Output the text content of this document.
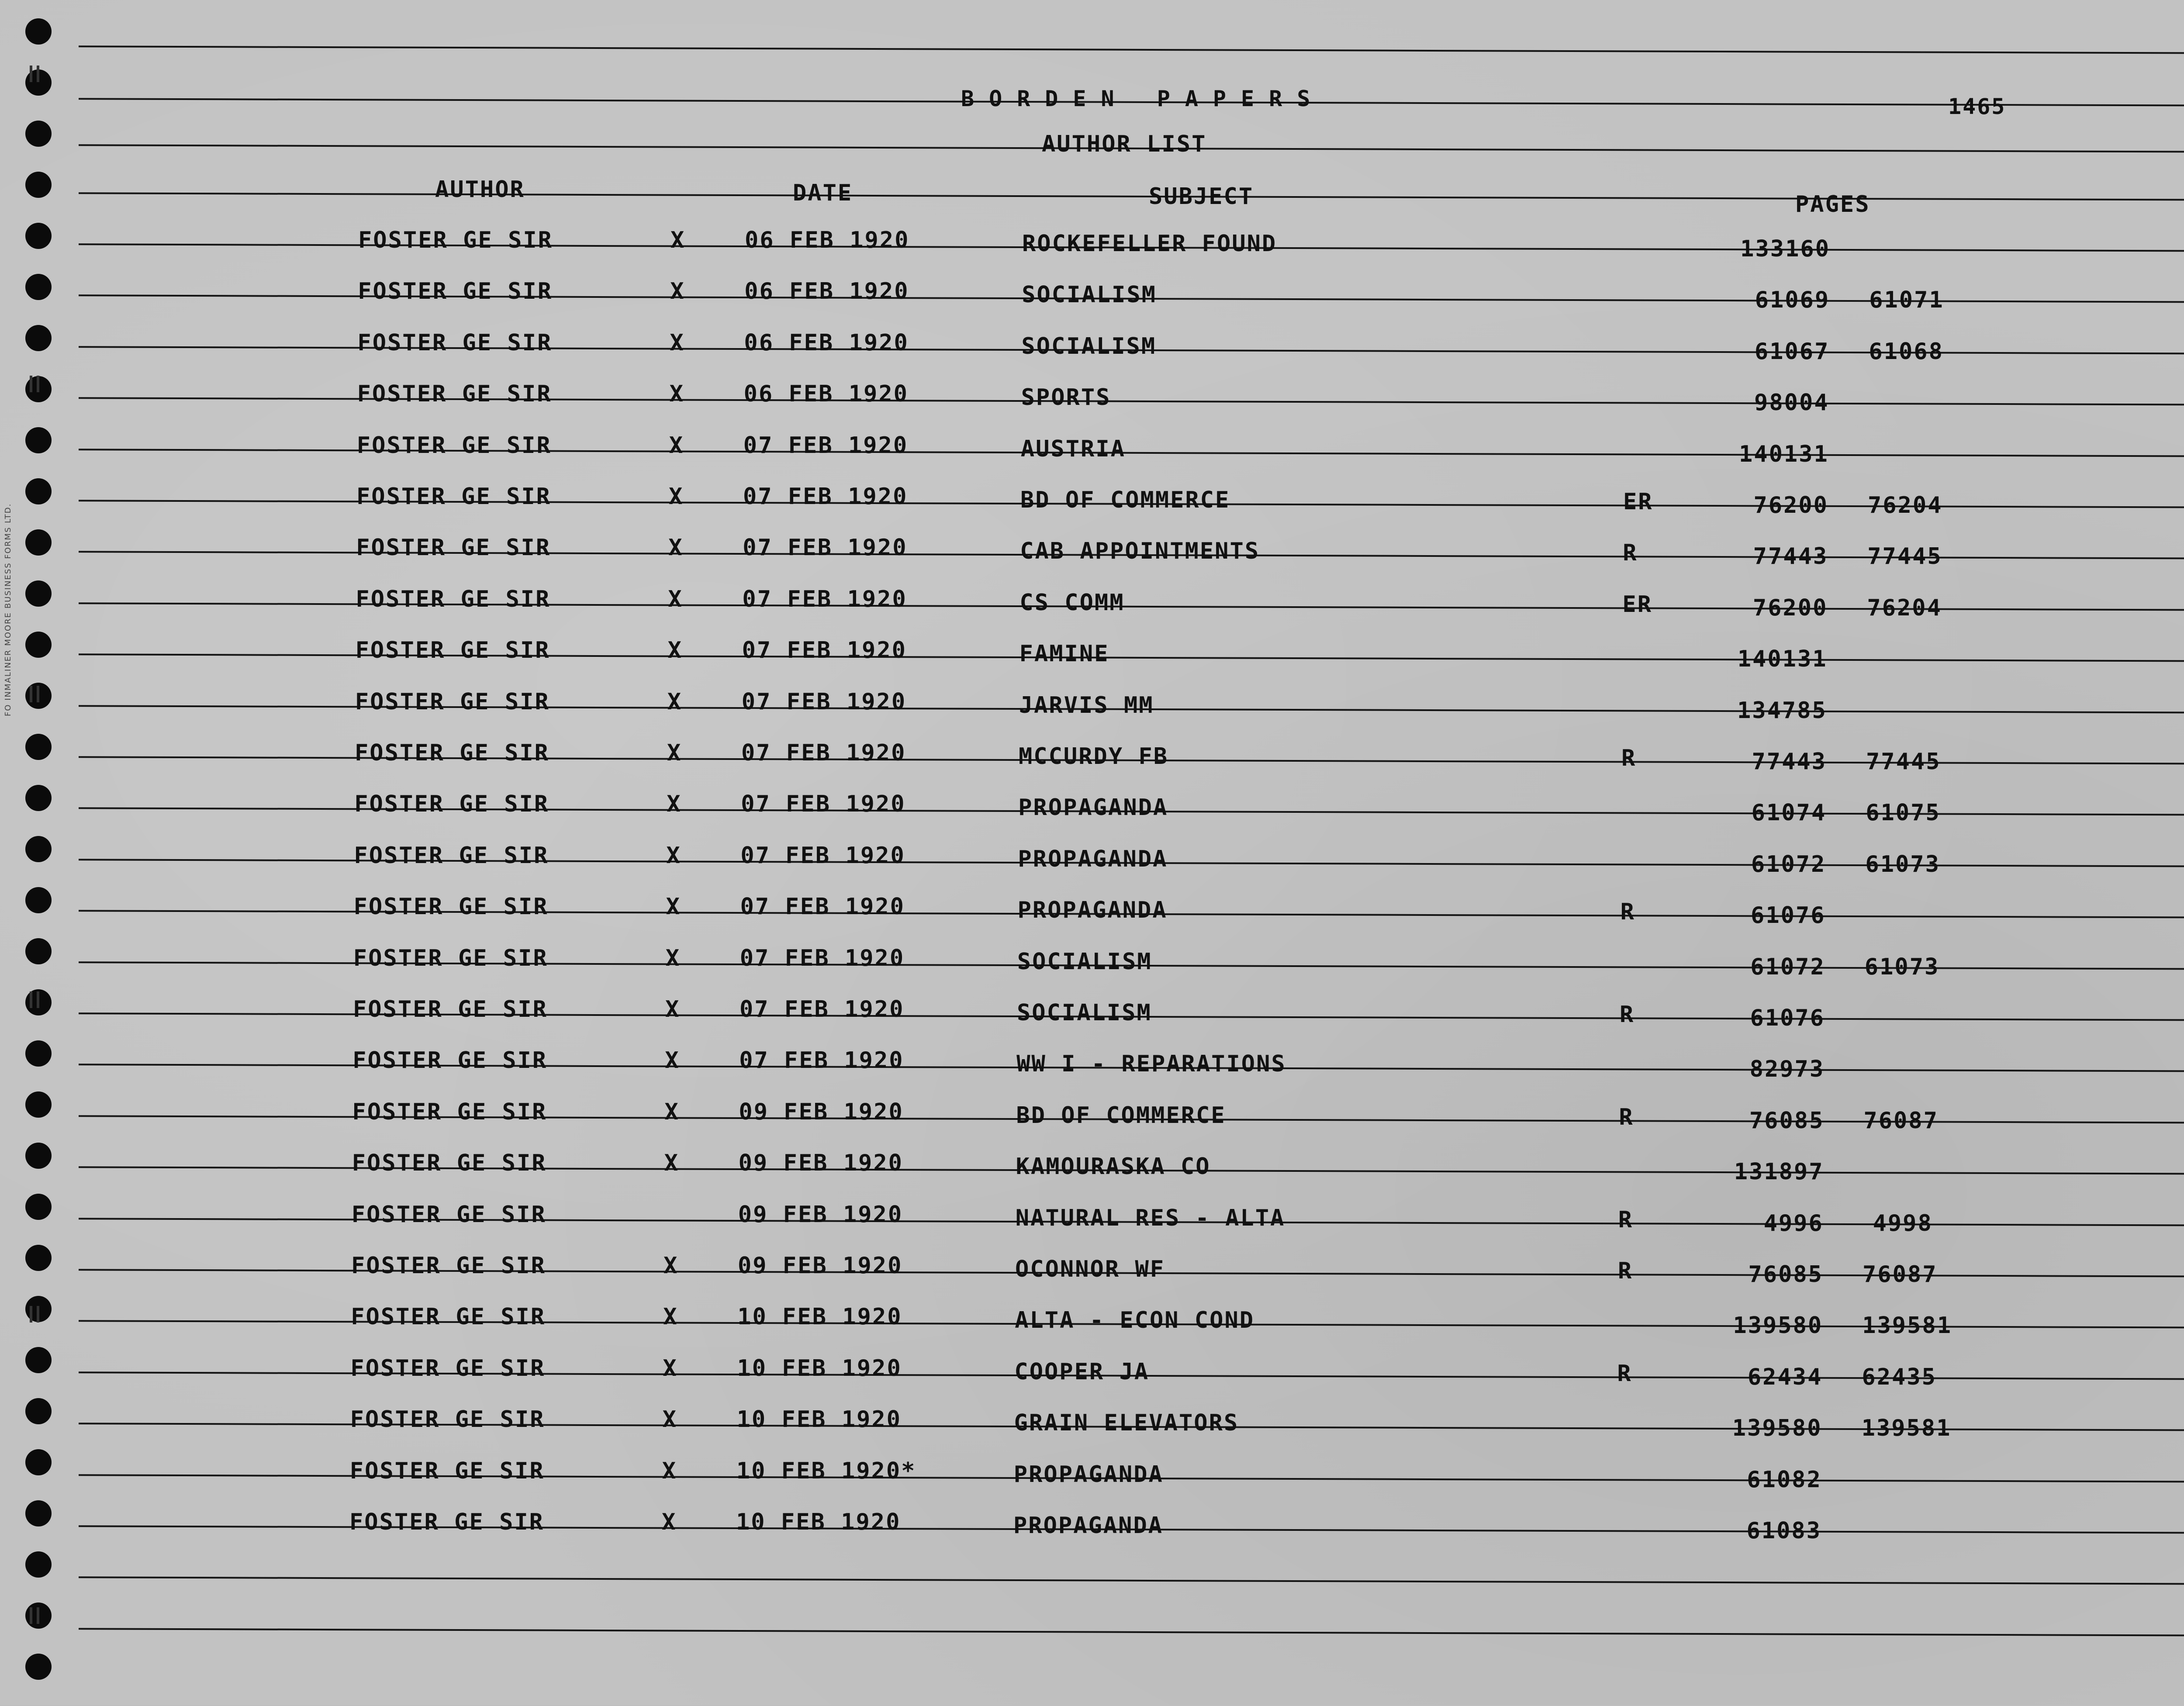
FO INMALINER MOORE BUSINESS FORMS LTD.
BORDEN PAPERS	1465
AUTHOR LIST
AUTHOR	DATE	SUBJECT	PAGES
FOSTER GE SIR	X	06 FEB 1920	ROCKEFELLER FOUND	133160
FOSTER GE SIR	X	06 FEB 1920	SOCIALISM	61069 61071
FOSTER GE SIR	X	06 FEB 1920	SOCIALISM	61067 61068
FOSTER GE SIR	X	06 FEB 1920	SPORTS	98004
FOSTER GE SIR	X	07 FEB 1920	AUSTRIA	140131
FOSTER GE SIR	X	07 FEB 1920	BD OF COMMERCE	ER	76200 76204
FOSTER GE SIR	X	07 FEB 1920	CAB APPOINTMENTS	R	77443 77445
FOSTER GE SIR	X	07 FEB 1920	CS COMM	ER	76200 76204
FOSTER GE SIR	X	07 FEB 1920	FAMINE	140131
FOSTER GE SIR	X	07 FEB 1920	JARVIS MM	134785
FOSTER GE SIR	X	07 FEB 1920	MCCURDY FB	R	77443 77445
FOSTER GE SIR	X	07 FEB 1920	PROPAGANDA	61074 61075
FOSTER GE SIR	X	07 FEB 1920	PROPAGANDA	61072 61073
FOSTER GE SIR	X	07 FEB 1920	PROPAGANDA	R	61076
FOSTER GE SIR	X	07 FEB 1920	SOCIALISM	61072 61073
FOSTER GE SIR	X	07 FEB 1920	SOCIALISM	R	61076
FOSTER GE SIR	X	07 FEB 1920	WW I - REPARATIONS	82973
FOSTER GE SIR	X	09 FEB 1920	BD OF COMMERCE	R	76085 76087
FOSTER GE SIR	X	09 FEB 1920	KAMOURASKA CO	131897
FOSTER GE SIR	09 FEB 1920	NATURAL RES - ALTA	R	4996	4998
FOSTER GE SIR	X	09 FEB 1920	OCONNOR WF	R	76085 76087
FOSTER GE SIR	X	10 FEB 1920	ALTA - ECON COND	139580 139581
FOSTER GE SIR	X	10 FEB 1920	COOPER JA	R	62434 62435
FOSTER GE SIR	X	10 FEB 1920	GRAIN ELEVATORS	139580 139581
FOSTER GE SIR	X	10 FEB 1920*	PROPAGANDA	61082
FOSTER GE SIR	X	10 FEB 1920	PROPAGANDA	61083
